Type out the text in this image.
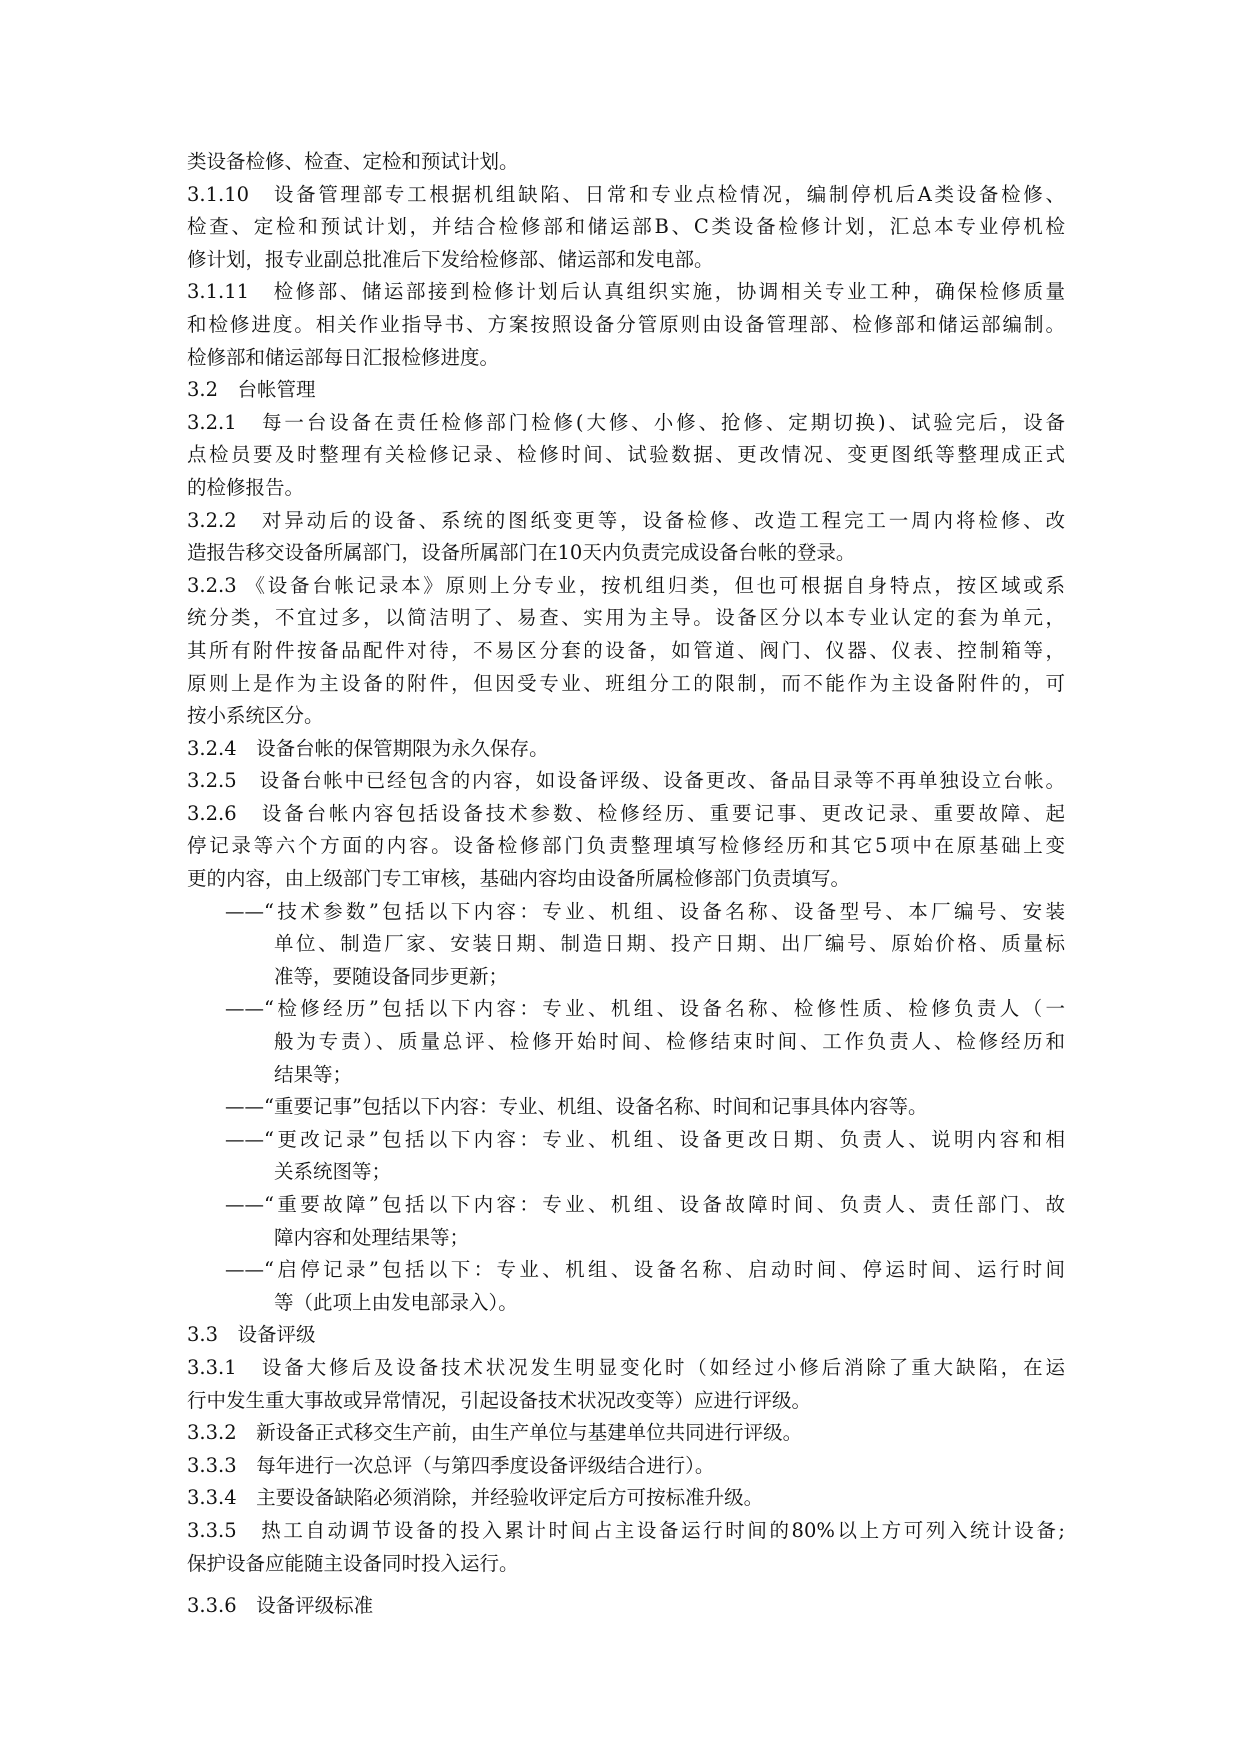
类设备检修、检查、定检和预试计划。
3.1.10　设备管理部专工根据机组缺陷、日常和专业点检情况，编制停机后A类设备检修、
检查、定检和预试计划，并结合检修部和储运部B、C类设备检修计划，汇总本专业停机检
修计划，报专业副总批准后下发给检修部、储运部和发电部。
3.1.11　检修部、储运部接到检修计划后认真组织实施，协调相关专业工种，确保检修质量
和检修进度。相关作业指导书、方案按照设备分管原则由设备管理部、检修部和储运部编制。
检修部和储运部每日汇报检修进度。
3.2　台帐管理
3.2.1　每一台设备在责任检修部门检修(大修、小修、抢修、定期切换)、试验完后，设备
点检员要及时整理有关检修记录、检修时间、试验数据、更改情况、变更图纸等整理成正式
的检修报告。
3.2.2　对异动后的设备、系统的图纸变更等，设备检修、改造工程完工一周内将检修、改
造报告移交设备所属部门，设备所属部门在10天内负责完成设备台帐的登录。
3.2.3 《设备台帐记录本》原则上分专业，按机组归类，但也可根据自身特点，按区域或系
统分类，不宜过多，以简洁明了、易查、实用为主导。设备区分以本专业认定的套为单元，
其所有附件按备品配件对待，不易区分套的设备，如管道、阀门、仪器、仪表、控制箱等，
原则上是作为主设备的附件，但因受专业、班组分工的限制，而不能作为主设备附件的，可
按小系统区分。
3.2.4　设备台帐的保管期限为永久保存。
3.2.5　设备台帐中已经包含的内容，如设备评级、设备更改、备品目录等不再单独设立台帐。
3.2.6　设备台帐内容包括设备技术参数、检修经历、重要记事、更改记录、重要故障、起
停记录等六个方面的内容。设备检修部门负责整理填写检修经历和其它5项中在原基础上变
更的内容，由上级部门专工审核，基础内容均由设备所属检修部门负责填写。
——“技术参数”包括以下内容：专业、机组、设备名称、设备型号、本厂编号、安装
单位、制造厂家、安装日期、制造日期、投产日期、出厂编号、原始价格、质量标
准等，要随设备同步更新；
——“检修经历”包括以下内容：专业、机组、设备名称、检修性质、检修负责人（一
般为专责）、质量总评、检修开始时间、检修结束时间、工作负责人、检修经历和
结果等；
——“重要记事”包括以下内容：专业、机组、设备名称、时间和记事具体内容等。
——“更改记录”包括以下内容：专业、机组、设备更改日期、负责人、说明内容和相
关系统图等；
——“重要故障”包括以下内容：专业、机组、设备故障时间、负责人、责任部门、故
障内容和处理结果等；
——“启停记录”包括以下：专业、机组、设备名称、启动时间、停运时间、运行时间
等（此项上由发电部录入）。
3.3　设备评级
3.3.1　设备大修后及设备技术状况发生明显变化时（如经过小修后消除了重大缺陷，在运
行中发生重大事故或异常情况，引起设备技术状况改变等）应进行评级。
3.3.2　新设备正式移交生产前，由生产单位与基建单位共同进行评级。
3.3.3　每年进行一次总评（与第四季度设备评级结合进行）。
3.3.4　主要设备缺陷必须消除，并经验收评定后方可按标准升级。
3.3.5　热工自动调节设备的投入累计时间占主设备运行时间的80%以上方可列入统计设备;
保护设备应能随主设备同时投入运行。
3.3.6　设备评级标准
